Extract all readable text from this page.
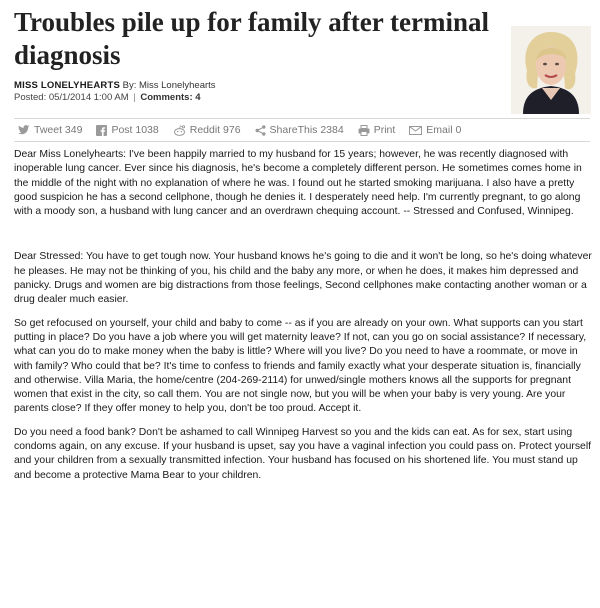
Troubles pile up for family after terminal diagnosis
MISS LONELYHEARTS By: Miss Lonelyhearts
Posted: 05/1/2014 1:00 AM | Comments: 4
Tweet 349	Post 1038	Reddit 976	ShareThis 2384	Print	Email 0

Dear Miss Lonelyhearts: I've been happily married to my husband for 15 years; however, he was recently diagnosed with inoperable lung cancer. Ever since his diagnosis, he's become a completely different person. He sometimes comes home in the middle of the night with no explanation of where he was. I found out he started smoking marijuana. I also have a pretty good suspicion he has a second cellphone, though he denies it. I desperately need help. I'm currently pregnant, to go along with a moody son, a husband with lung cancer and an overdrawn chequing account. -- Stressed and Confused, Winnipeg.

Dear Stressed: You have to get tough now. Your husband knows he's going to die and it won't be long, so he's doing whatever he pleases. He may not be thinking of you, his child and the baby any more, or when he does, it makes him depressed and panicky. Drugs and women are big distractions from those feelings, Second cellphones make contacting another woman or a drug dealer much easier.

So get refocused on yourself, your child and baby to come -- as if you are already on your own. What supports can you start putting in place? Do you have a job where you will get maternity leave? If not, can you go on social assistance? If necessary, what can you do to make money when the baby is little? Where will you live? Do you need to have a roommate, or move in with family? Who could that be? It's time to confess to friends and family exactly what your desperate situation is, financially and otherwise. Villa Maria, the home/centre (204-269-2114) for unwed/single mothers knows all the supports for pregnant women that exist in the city, so call them. You are not single now, but you will be when your baby is very young. Are your parents close? If they offer money to help you, don't be too proud. Accept it.

Do you need a food bank? Don't be ashamed to call Winnipeg Harvest so you and the kids can eat. As for sex, start using condoms again, on any excuse. If your husband is upset, say you have a vaginal infection you could pass on. Protect yourself and your children from a sexually transmitted infection. Your husband has focused on his shortened life. You must stand up and become a protective Mama Bear to your children.
